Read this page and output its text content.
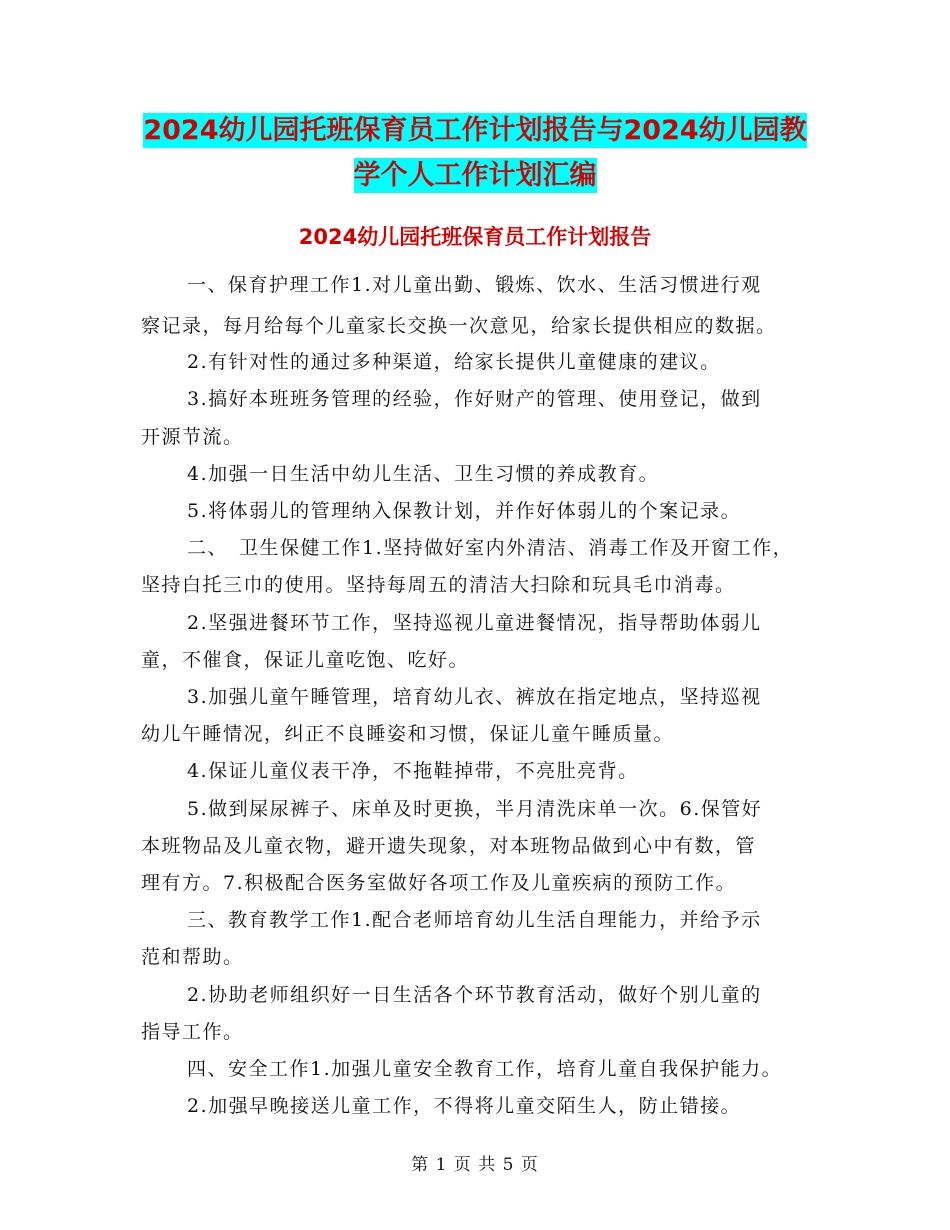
2024幼儿园托班保育员工作计划报告与2024幼儿园教
学个人工作计划汇编
2024幼儿园托班保育员工作计划报告
一、保育护理工作1.对儿童出勤、锻炼、饮水、生活习惯进行观
察记录，每月给每个儿童家长交换一次意见，给家长提供相应的数据。
2.有针对性的通过多种渠道，给家长提供儿童健康的建议。
3.搞好本班班务管理的经验，作好财产的管理、使用登记，做到
开源节流。
4.加强一日生活中幼儿生活、卫生习惯的养成教育。
5.将体弱儿的管理纳入保教计划，并作好体弱儿的个案记录。
二、　卫生保健工作1.坚持做好室内外清洁、消毒工作及开窗工作，
坚持白托三巾的使用。坚持每周五的清洁大扫除和玩具毛巾消毒。
2.坚强进餐环节工作，坚持巡视儿童进餐情况，指导帮助体弱儿
童，不催食，保证儿童吃饱、吃好。
3.加强儿童午睡管理，培育幼儿衣、裤放在指定地点，坚持巡视
幼儿午睡情况，纠正不良睡姿和习惯，保证儿童午睡质量。
4.保证儿童仪表干净，不拖鞋掉带，不亮肚亮背。
5.做到屎尿裤子、床单及时更换，半月清洗床单一次。6.保管好
本班物品及儿童衣物，避开遗失现象，对本班物品做到心中有数，管
理有方。7.积极配合医务室做好各项工作及儿童疾病的预防工作。
三、教育教学工作1.配合老师培育幼儿生活自理能力，并给予示
范和帮助。
2.协助老师组织好一日生活各个环节教育活动，做好个别儿童的
指导工作。
四、安全工作1.加强儿童安全教育工作，培育儿童自我保护能力。
2.加强早晚接送儿童工作，不得将儿童交陌生人，防止错接。
第 1 页 共 5 页
